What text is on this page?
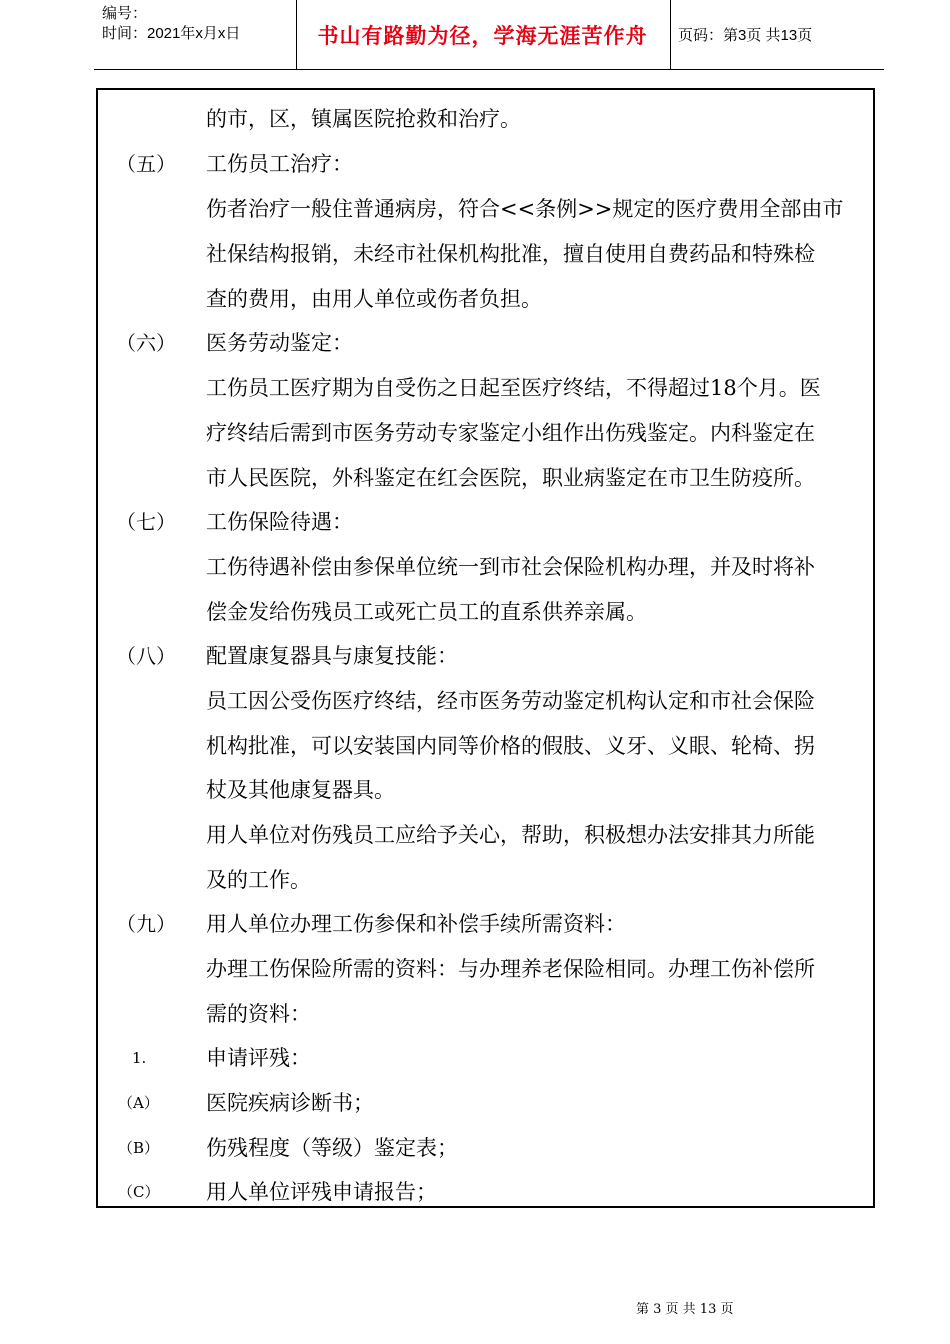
编号：
时间：2021年x月x日	书山有路勤为径，学海无涯苦作舟	页码：第3页 共13页
的市，区，镇属医院抢救和治疗。
（五） 工伤员工治疗：
伤者治疗一般住普通病房，符合<<条例>>规定的医疗费用全部由市
社保结构报销，未经市社保机构批准，擅自使用自费药品和特殊检
查的费用，由用人单位或伤者负担。
（六） 医务劳动鉴定：
工伤员工医疗期为自受伤之日起至医疗终结，不得超过18个月。医
疗终结后需到市医务劳动专家鉴定小组作出伤残鉴定。内科鉴定在
市人民医院，外科鉴定在红会医院，职业病鉴定在市卫生防疫所。
（七） 工伤保险待遇：
工伤待遇补偿由参保单位统一到市社会保险机构办理，并及时将补
偿金发给伤残员工或死亡员工的直系供养亲属。
（八） 配置康复器具与康复技能：
员工因公受伤医疗终结，经市医务劳动鉴定机构认定和市社会保险
机构批准，可以安装国内同等价格的假肢、义牙、义眼、轮椅、拐
杖及其他康复器具。
用人单位对伤残员工应给予关心，帮助，积极想办法安排其力所能
及的工作。
（九） 用人单位办理工伤参保和补偿手续所需资料：
办理工伤保险所需的资料：与办理养老保险相同。办理工伤补偿所
需的资料：
1.	申请评残：
（A） 医院疾病诊断书；
（B） 伤残程度（等级）鉴定表；
（C） 用人单位评残申请报告；
第 3 页 共 13 页
